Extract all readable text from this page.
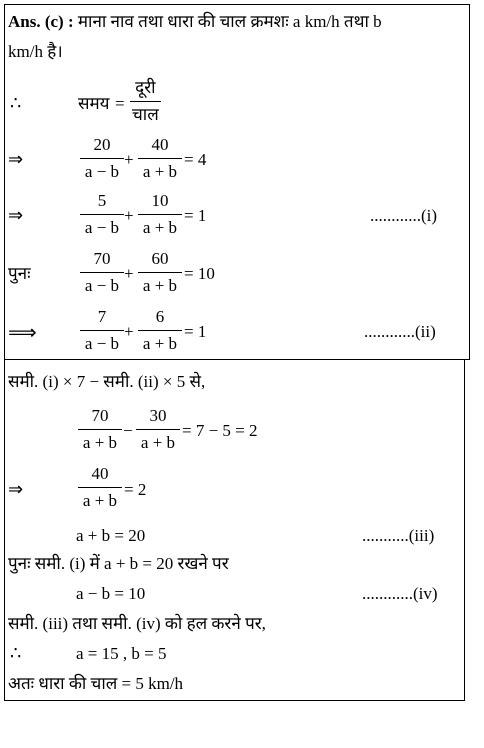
Ans. (c) : माना नाव तथा धारा की चाल क्रमशः a km/h तथा b
km/h है।
∴	समय =
दूरी
चाल
⇒
20
a − b
+
40
a + b
= 4
⇒
5
a − b
+
10
a + b
= 1	............(i)
पुनः
70
a − b
+
60
a + b
= 10
⟹
7
a − b
+
6
a + b
= 1	............(ii)
समी. (i) × 7 − समी. (ii) × 5 से,
70
a + b
−
30
a + b
= 7 − 5 = 2
⇒
40
a + b
= 2
a + b = 20	...........(iii)
पुनः समी. (i) में a + b = 20 रखने पर
a − b = 10	............(iv)
समी. (iii) तथा समी. (iv) को हल करने पर,
∴	a = 15 , b = 5
अतः धारा की चाल = 5 km/h
